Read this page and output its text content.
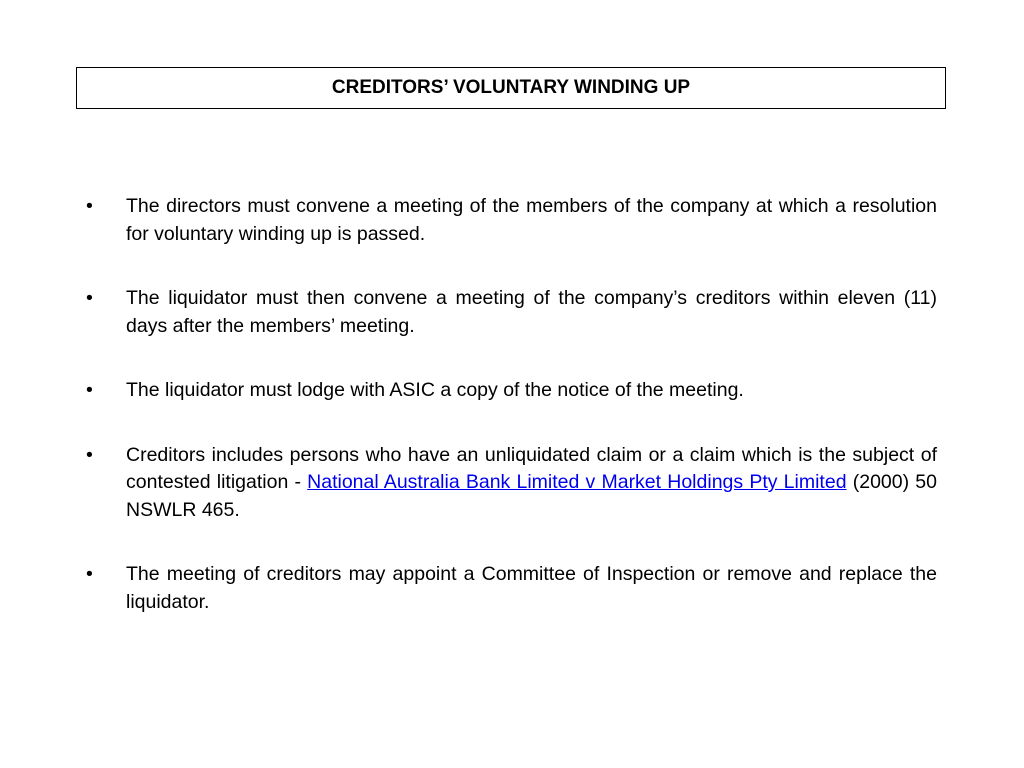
CREDITORS’ VOLUNTARY WINDING UP
• The directors must convene a meeting of the members of the company at which a resolution for voluntary winding up is passed.
• The liquidator must then convene a meeting of the company’s creditors within eleven (11) days after the members’ meeting.
• The liquidator must lodge with ASIC a copy of the notice of the meeting.
• Creditors includes persons who have an unliquidated claim or a claim which is the subject of contested litigation - National Australia Bank Limited v Market Holdings Pty Limited (2000) 50 NSWLR 465.
• The meeting of creditors may appoint a Committee of Inspection or remove and replace the liquidator.
